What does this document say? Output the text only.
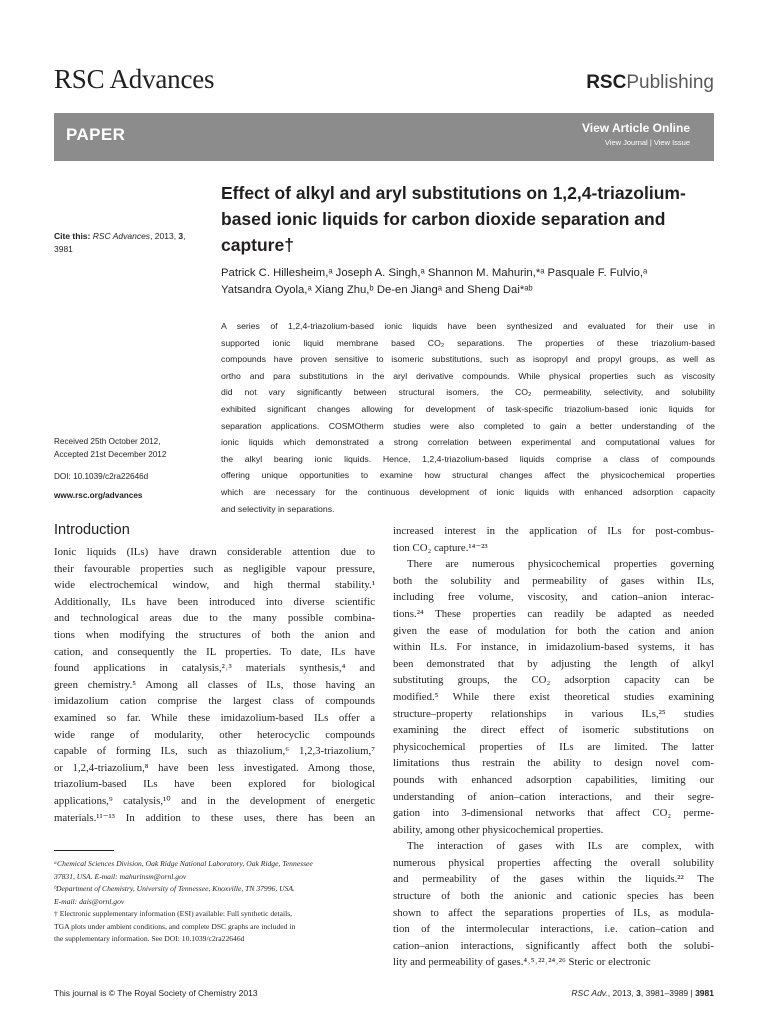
RSC Advances	RSCPublishing
PAPER	View Article Online
View Journal | View Issue
Effect of alkyl and aryl substitutions on 1,2,4-triazolium-
based ionic liquids for carbon dioxide separation and
capture†
Cite this: RSC Advances, 2013, 3,
3981
Patrick C. Hillesheim,ᵃ Joseph A. Singh,ᵃ Shannon M. Mahurin,*ᵃ Pasquale F. Fulvio,ᵃ
Yatsandra Oyola,ᵃ Xiang Zhu,ᵇ De-en Jiangᵃ and Sheng Dai*ᵃᵇ
A series of 1,2,4-triazolium-based ionic liquids have been synthesized and evaluated for their use in
supported ionic liquid membrane based CO₂ separations. The properties of these triazolium-based
compounds have proven sensitive to isomeric substitutions, such as isopropyl and propyl groups, as well as
ortho and para substitutions in the aryl derivative compounds. While physical properties such as viscosity
did not vary significantly between structural isomers, the CO₂ permeability, selectivity, and solubility
exhibited significant changes allowing for development of task-specific triazolium-based ionic liquids for
separation applications. COSMOtherm studies were also completed to gain a better understanding of the
ionic liquids which demonstrated a strong correlation between experimental and computational values for
the alkyl bearing ionic liquids. Hence, 1,2,4-triazolium-based liquids comprise a class of compounds
offering unique opportunities to examine how structural changes affect the physicochemical properties
which are necessary for the continuous development of ionic liquids with enhanced adsorption capacity
and selectivity in separations.
Received 25th October 2012,
Accepted 21st December 2012
DOI: 10.1039/c2ra22646d
www.rsc.org/advances
Introduction
Ionic liquids (ILs) have drawn considerable attention due to
their favourable properties such as negligible vapour pressure,
wide electrochemical window, and high thermal stability.¹
Additionally, ILs have been introduced into diverse scientific
and technological areas due to the many possible combina-
tions when modifying the structures of both the anion and
cation, and consequently the IL properties. To date, ILs have
found applications in catalysis,²˒³ materials synthesis,⁴ and
green chemistry.⁵ Among all classes of ILs, those having an
imidazolium cation comprise the largest class of compounds
examined so far. While these imidazolium-based ILs offer a
wide range of modularity, other heterocyclic compounds
capable of forming ILs, such as thiazolium,⁶ 1,2,3-triazolium,⁷
or 1,2,4-triazolium,⁸ have been less investigated. Among those,
triazolium-based ILs have been explored for biological
applications,⁹ catalysis,¹⁰ and in the development of energetic
materials.¹¹⁻¹³ In addition to these uses, there has been an
increased interest in the application of ILs for post-combus-
tion CO₂ capture.¹⁴⁻²³
There are numerous physicochemical properties governing
both the solubility and permeability of gases within ILs,
including free volume, viscosity, and cation–anion interac-
tions.²⁴ These properties can readily be adapted as needed
given the ease of modulation for both the cation and anion
within ILs. For instance, in imidazolium-based systems, it has
been demonstrated that by adjusting the length of alkyl
substituting groups, the CO₂ adsorption capacity can be
modified.⁵ While there exist theoretical studies examining
structure–property relationships in various ILs,²⁵ studies
examining the direct effect of isomeric substitutions on
physicochemical properties of ILs are limited. The latter
limitations thus restrain the ability to design novel com-
pounds with enhanced adsorption capabilities, limiting our
understanding of anion–cation interactions, and their segre-
gation into 3-dimensional networks that affect CO₂ perme-
ability, among other physicochemical properties.
The interaction of gases with ILs are complex, with
numerous physical properties affecting the overall solubility
and permeability of the gases within the liquids.²² The
structure of both the anionic and cationic species has been
shown to affect the separations properties of ILs, as modula-
tion of the intermolecular interactions, i.e. cation–cation and
cation–anion interactions, significantly affect both the solubi-
lity and permeability of gases.⁴˒⁵˒²²˒²⁴˒²⁶ Steric or electronic
ᵃChemical Sciences Division, Oak Ridge National Laboratory, Oak Ridge, Tennessee
37831, USA. E-mail: mahurinsm@ornl.gov
ᵇDepartment of Chemistry, University of Tennessee, Knoxville, TN 37996, USA.
E-mail: dais@ornl.gov
† Electronic supplementary information (ESI) available: Full synthetic details,
TGA plots under ambient conditions, and complete DSC graphs are included in
the supplementary information. See DOI: 10.1039/c2ra22646d
This journal is © The Royal Society of Chemistry 2013	RSC Adv., 2013, 3, 3981–3989 | 3981
